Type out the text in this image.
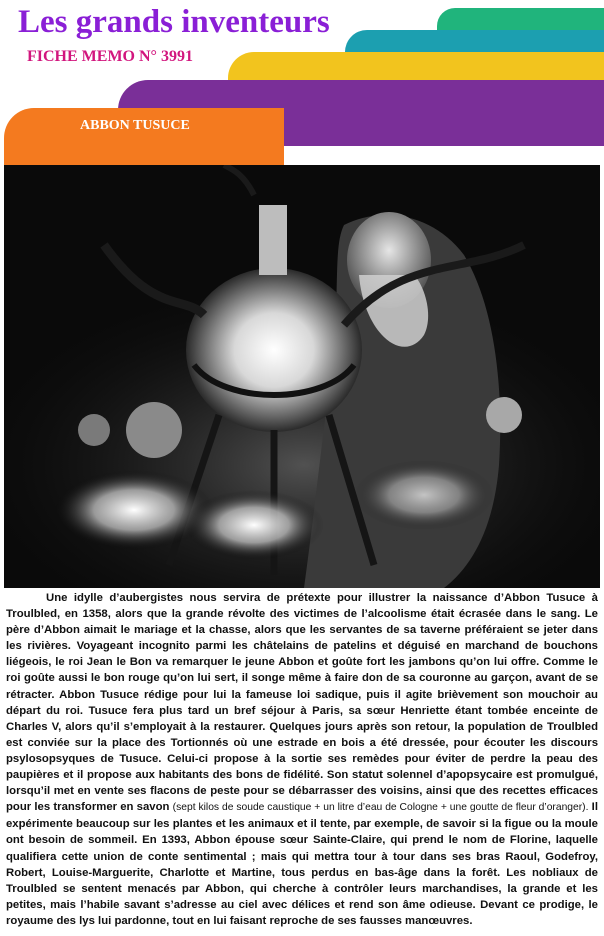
Les grands inventeurs
FICHE MEMO N° 3991
ABBON TUSUCE

Une idylle d’aubergistes nous servira de prétexte pour illustrer la naissance d’Abbon Tusuce à Troulbled, en 1358, alors que la grande révolte des victimes de l’alcoolisme était écrasée dans le sang. Le père d’Abbon aimait le mariage et la chasse, alors que les servantes de sa taverne préféraient se jeter dans les rivières. Voyageant incognito parmi les châtelains de patelins et déguisé en marchand de bouchons liégeois, le roi Jean le Bon va remarquer le jeune Abbon et goûte fort les jambons qu’on lui offre. Comme le roi goûte aussi le bon rouge qu’on lui sert, il songe même à faire don de sa couronne au garçon, avant de se rétracter. Abbon Tusuce rédige pour lui la fameuse loi sadique, puis il agite brièvement son mouchoir au départ du roi. Tusuce fera plus tard un bref séjour à Paris, sa sœur Henriette étant tombée enceinte de Charles V, alors qu’il s’employait à la restaurer. Quelques jours après son retour, la population de Troulbled est conviée sur la place des Tortionnés où une estrade en bois a été dressée, pour écouter les discours psylosopsyques de Tusuce. Celui-ci propose à la sortie ses remèdes pour éviter de perdre la peau des paupières et il propose aux habitants des bons de fidélité. Son statut solennel d’apopsycaire est promulgué, lorsqu’il met en vente ses flacons de peste pour se débarrasser des voisins, ainsi que des recettes efficaces pour les transformer en savon (sept kilos de soude caustique + un litre d’eau de Cologne + une goutte de fleur d’oranger). Il expérimente beaucoup sur les plantes et les animaux et il tente, par exemple, de savoir si la figue ou la moule ont besoin de sommeil. En 1393, Abbon épouse sœur Sainte-Claire, qui prend le nom de Florine, laquelle qualifiera cette union de conte sentimental ; mais qui mettra tour à tour dans ses bras Raoul, Godefroy, Robert, Louise-Marguerite, Charlotte et Martine, tous perdus en bas-âge dans la forêt. Les nobliaux de Troulbled se sentent menacés par Abbon, qui cherche à contrôler leurs marchandises, la grande et les petites, mais l’habile savant s’adresse au ciel avec délices et rend son âme odieuse. Devant ce prodige, le royaume des lys lui pardonne, tout en lui faisant reproche de ses fausses manœuvres.
